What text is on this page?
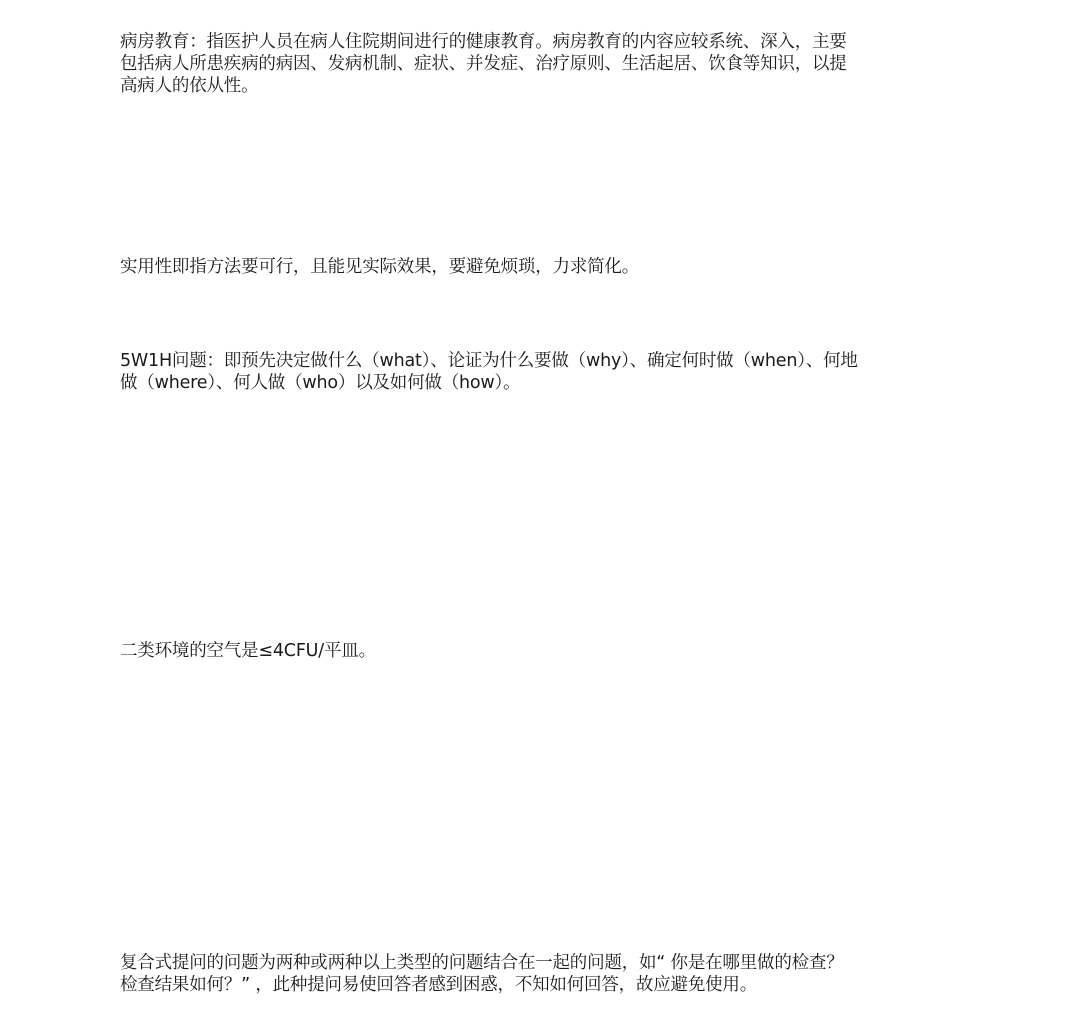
病房教育：指医护人员在病人住院期间进行的健康教育。病房教育的内容应较系统、深入，主要
包括病人所患疾病的病因、发病机制、症状、并发症、治疗原则、生活起居、饮食等知识，以提
高病人的依从性。

实用性即指方法要可行，且能见实际效果，要避免烦琐，力求简化。

5W1H问题：即预先决定做什么（what）、论证为什么要做（why）、确定何时做（when）、何地
做（where）、何人做（who）以及如何做（how）。

二类环境的空气是≤4CFU/平皿。

复合式提问的问题为两种或两种以上类型的问题结合在一起的问题，如“ 你是在哪里做的检查？
检查结果如何？” ，此种提问易使回答者感到困惑，不知如何回答，故应避免使用。
